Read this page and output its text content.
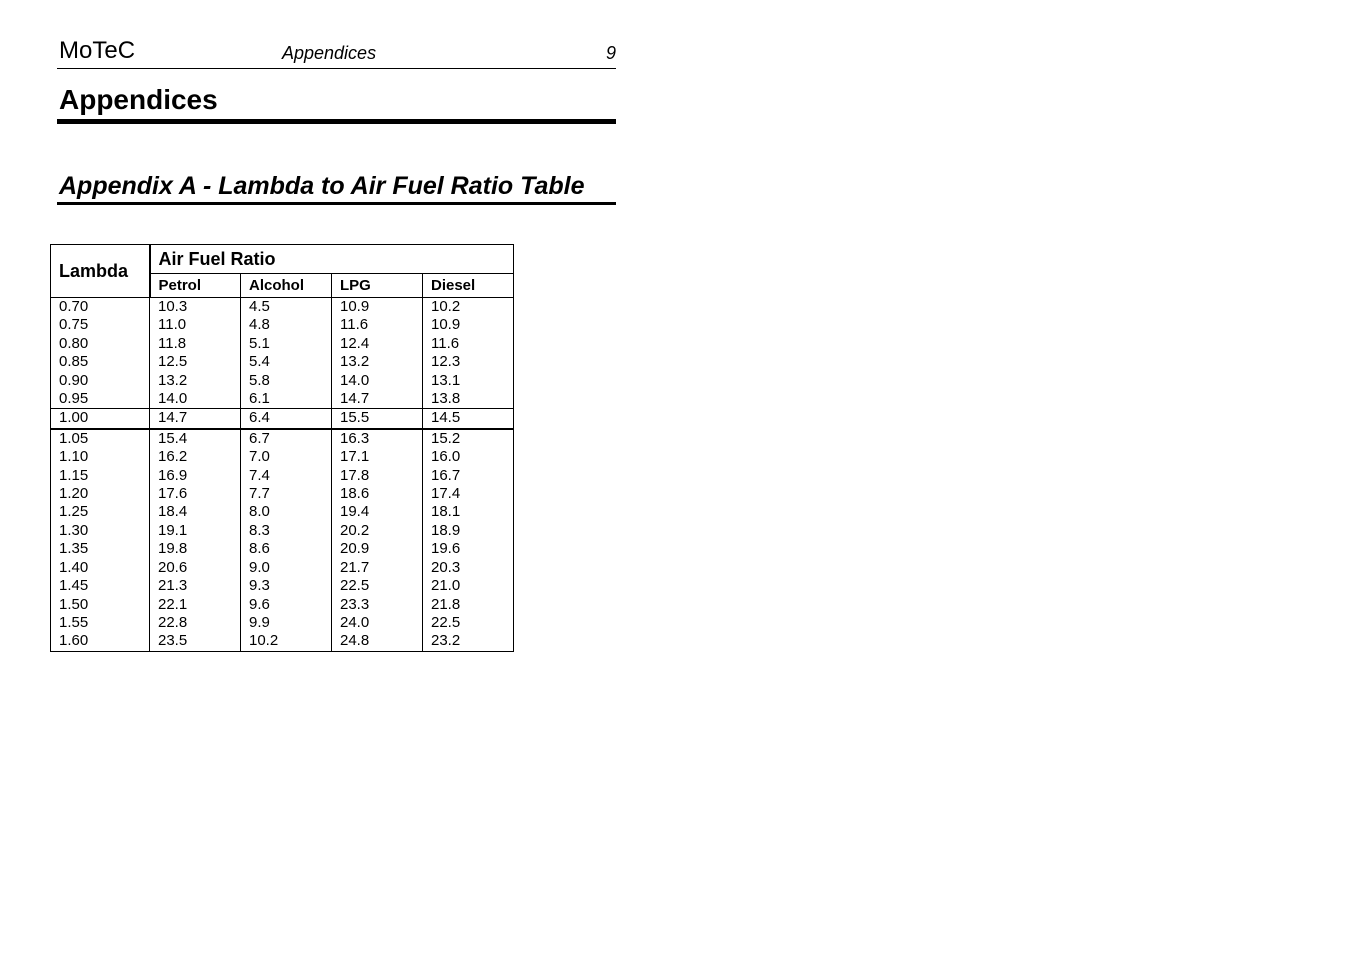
MoTeC	Appendices	9
Appendices
Appendix A - Lambda to Air Fuel Ratio Table
Lambda	Air Fuel Ratio			
	Petrol	Alcohol	LPG	Diesel
0.70	10.3	4.5	10.9	10.2
0.75	11.0	4.8	11.6	10.9
0.80	11.8	5.1	12.4	11.6
0.85	12.5	5.4	13.2	12.3
0.90	13.2	5.8	14.0	13.1
0.95	14.0	6.1	14.7	13.8
1.00	14.7	6.4	15.5	14.5
1.05	15.4	6.7	16.3	15.2
1.10	16.2	7.0	17.1	16.0
1.15	16.9	7.4	17.8	16.7
1.20	17.6	7.7	18.6	17.4
1.25	18.4	8.0	19.4	18.1
1.30	19.1	8.3	20.2	18.9
1.35	19.8	8.6	20.9	19.6
1.40	20.6	9.0	21.7	20.3
1.45	21.3	9.3	22.5	21.0
1.50	22.1	9.6	23.3	21.8
1.55	22.8	9.9	24.0	22.5
1.60	23.5	10.2	24.8	23.2
